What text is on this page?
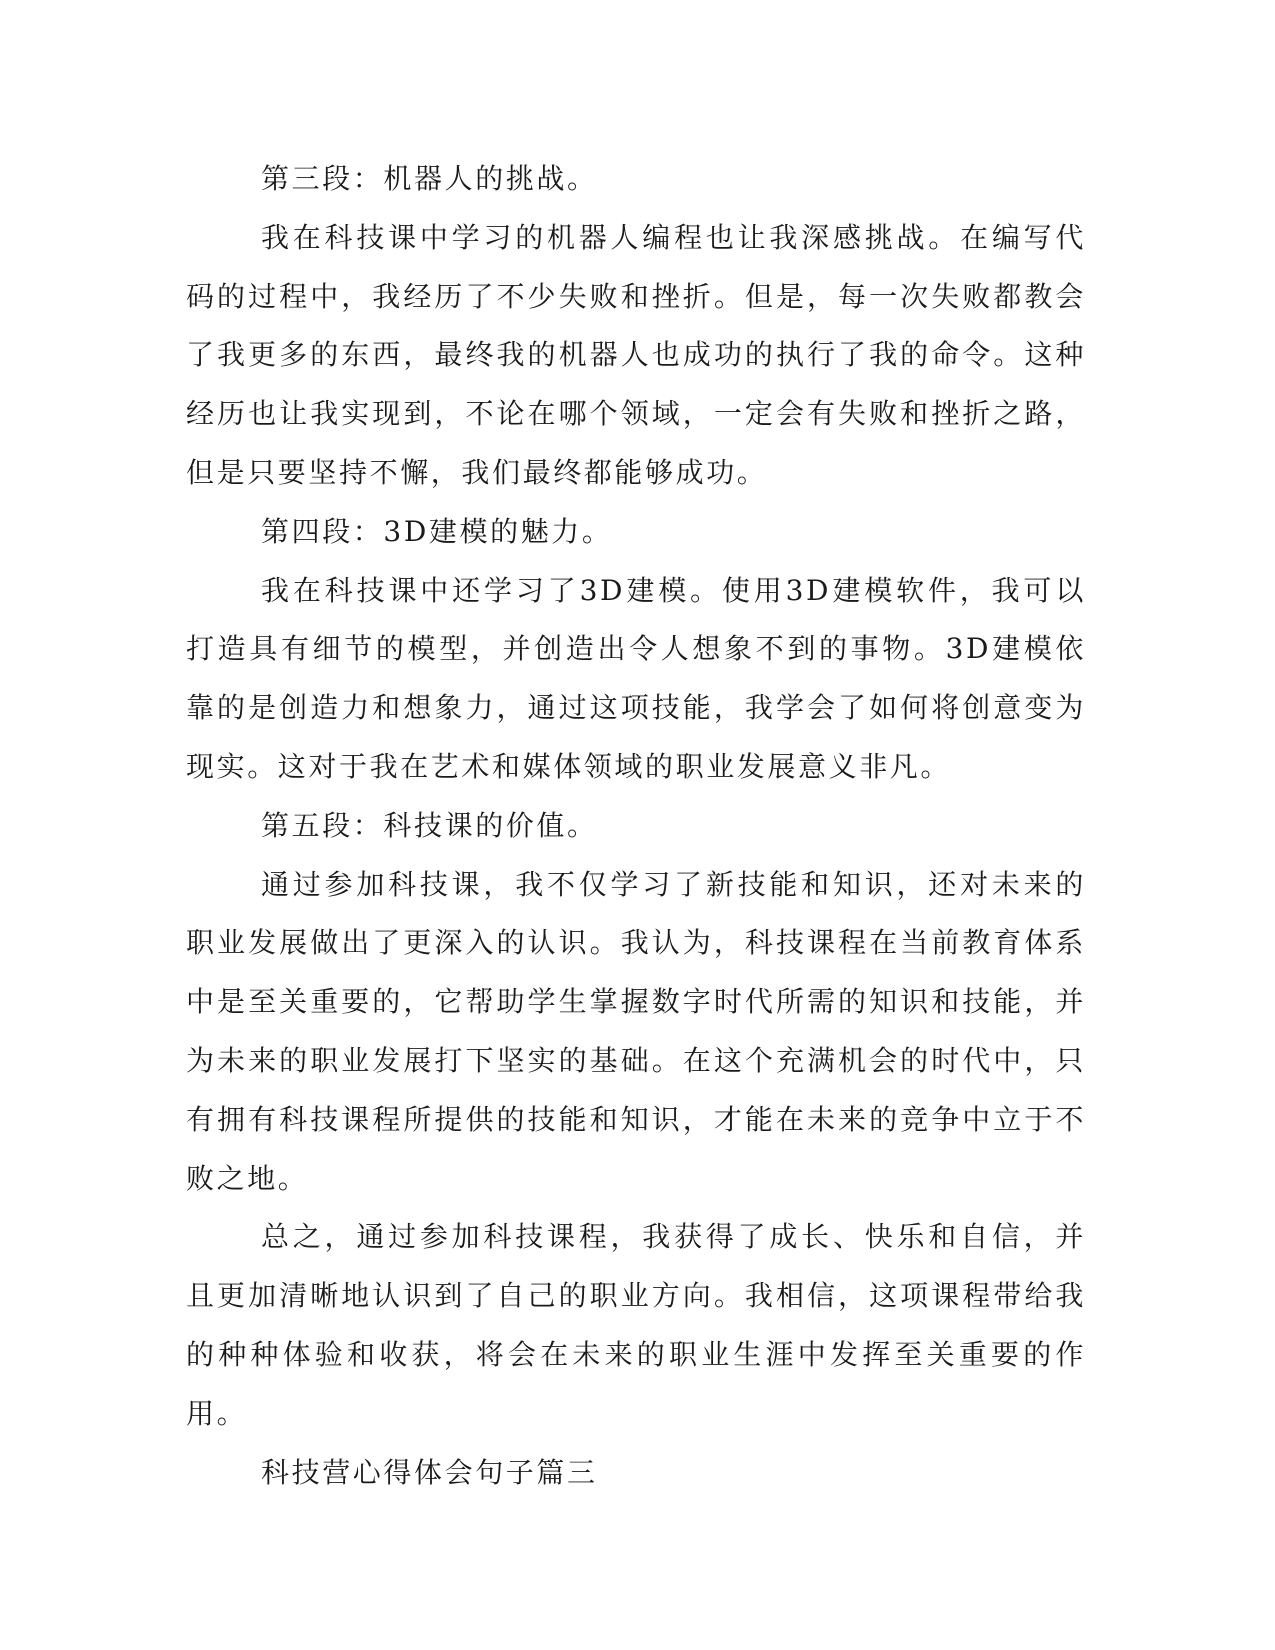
第三段：机器人的挑战。

我在科技课中学习的机器人编程也让我深感挑战。在编写代码的过程中，我经历了不少失败和挫折。但是，每一次失败都教会了我更多的东西，最终我的机器人也成功的执行了我的命令。这种经历也让我实现到，不论在哪个领域，一定会有失败和挫折之路，但是只要坚持不懈，我们最终都能够成功。

第四段：3D建模的魅力。

我在科技课中还学习了3D建模。使用3D建模软件，我可以打造具有细节的模型，并创造出令人想象不到的事物。3D建模依靠的是创造力和想象力，通过这项技能，我学会了如何将创意变为现实。这对于我在艺术和媒体领域的职业发展意义非凡。

第五段：科技课的价值。

通过参加科技课，我不仅学习了新技能和知识，还对未来的职业发展做出了更深入的认识。我认为，科技课程在当前教育体系中是至关重要的，它帮助学生掌握数字时代所需的知识和技能，并为未来的职业发展打下坚实的基础。在这个充满机会的时代中，只有拥有科技课程所提供的技能和知识，才能在未来的竞争中立于不败之地。

总之，通过参加科技课程，我获得了成长、快乐和自信，并且更加清晰地认识到了自己的职业方向。我相信，这项课程带给我的种种体验和收获，将会在未来的职业生涯中发挥至关重要的作用。

科技营心得体会句子篇三
